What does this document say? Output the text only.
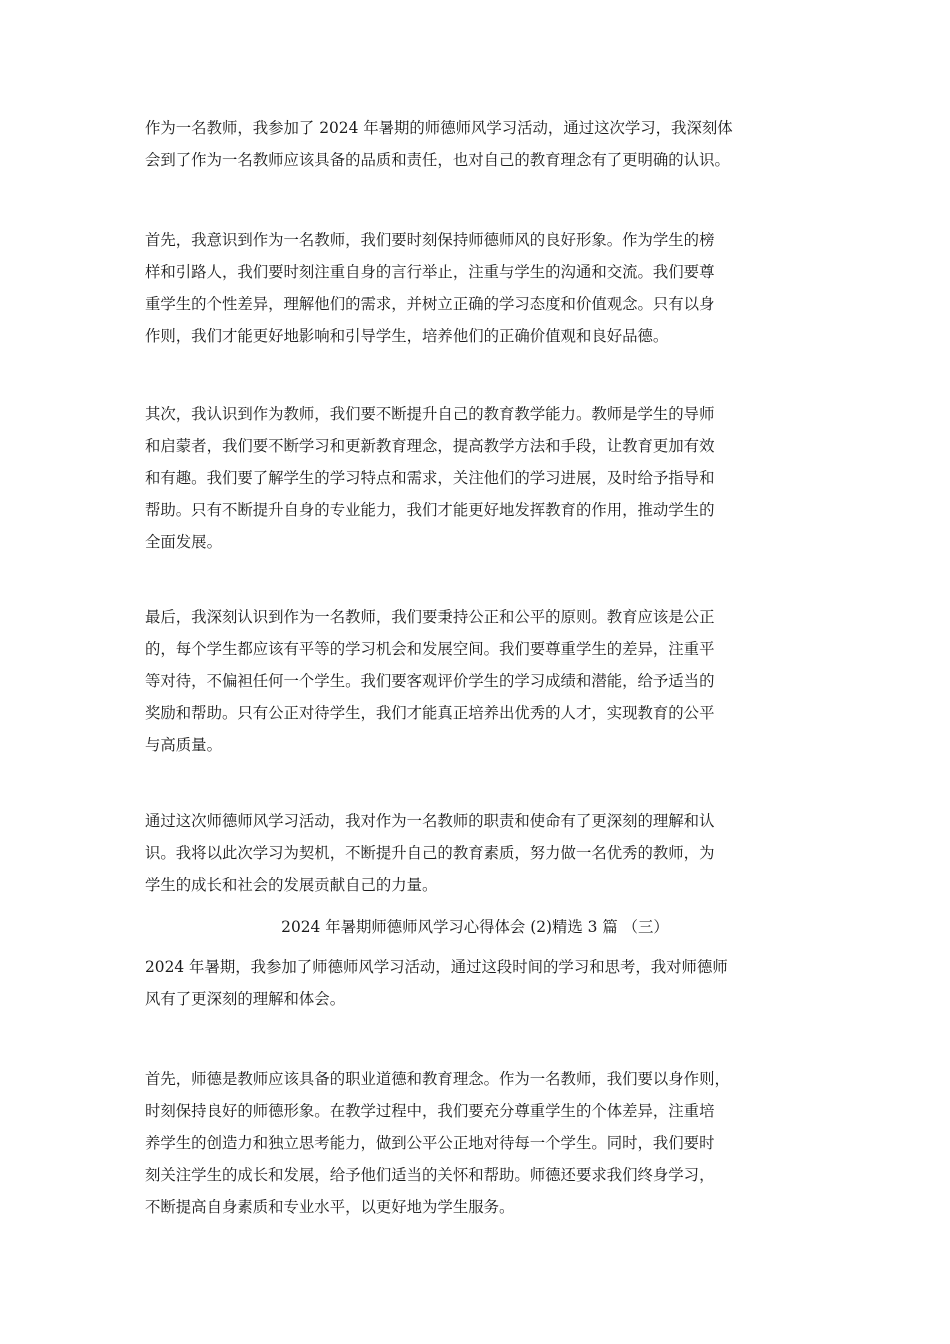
作为一名教师，我参加了 2024 年暑期的师德师风学习活动，通过这次学习，我深刻体
会到了作为一名教师应该具备的品质和责任，也对自己的教育理念有了更明确的认识。
首先，我意识到作为一名教师，我们要时刻保持师德师风的良好形象。作为学生的榜
样和引路人，我们要时刻注重自身的言行举止，注重与学生的沟通和交流。我们要尊
重学生的个性差异，理解他们的需求，并树立正确的学习态度和价值观念。只有以身
作则，我们才能更好地影响和引导学生，培养他们的正确价值观和良好品德。
其次，我认识到作为教师，我们要不断提升自己的教育教学能力。教师是学生的导师
和启蒙者，我们要不断学习和更新教育理念，提高教学方法和手段，让教育更加有效
和有趣。我们要了解学生的学习特点和需求，关注他们的学习进展，及时给予指导和
帮助。只有不断提升自身的专业能力，我们才能更好地发挥教育的作用，推动学生的
全面发展。
最后，我深刻认识到作为一名教师，我们要秉持公正和公平的原则。教育应该是公正
的，每个学生都应该有平等的学习机会和发展空间。我们要尊重学生的差异，注重平
等对待，不偏袒任何一个学生。我们要客观评价学生的学习成绩和潜能，给予适当的
奖励和帮助。只有公正对待学生，我们才能真正培养出优秀的人才，实现教育的公平
与高质量。
通过这次师德师风学习活动，我对作为一名教师的职责和使命有了更深刻的理解和认
识。我将以此次学习为契机，不断提升自己的教育素质，努力做一名优秀的教师，为
学生的成长和社会的发展贡献自己的力量。
2024 年暑期师德师风学习心得体会 (2)精选 3 篇 （三）
2024 年暑期，我参加了师德师风学习活动，通过这段时间的学习和思考，我对师德师
风有了更深刻的理解和体会。
首先，师德是教师应该具备的职业道德和教育理念。作为一名教师，我们要以身作则，
时刻保持良好的师德形象。在教学过程中，我们要充分尊重学生的个体差异，注重培
养学生的创造力和独立思考能力，做到公平公正地对待每一个学生。同时，我们要时
刻关注学生的成长和发展，给予他们适当的关怀和帮助。师德还要求我们终身学习，
不断提高自身素质和专业水平，以更好地为学生服务。
